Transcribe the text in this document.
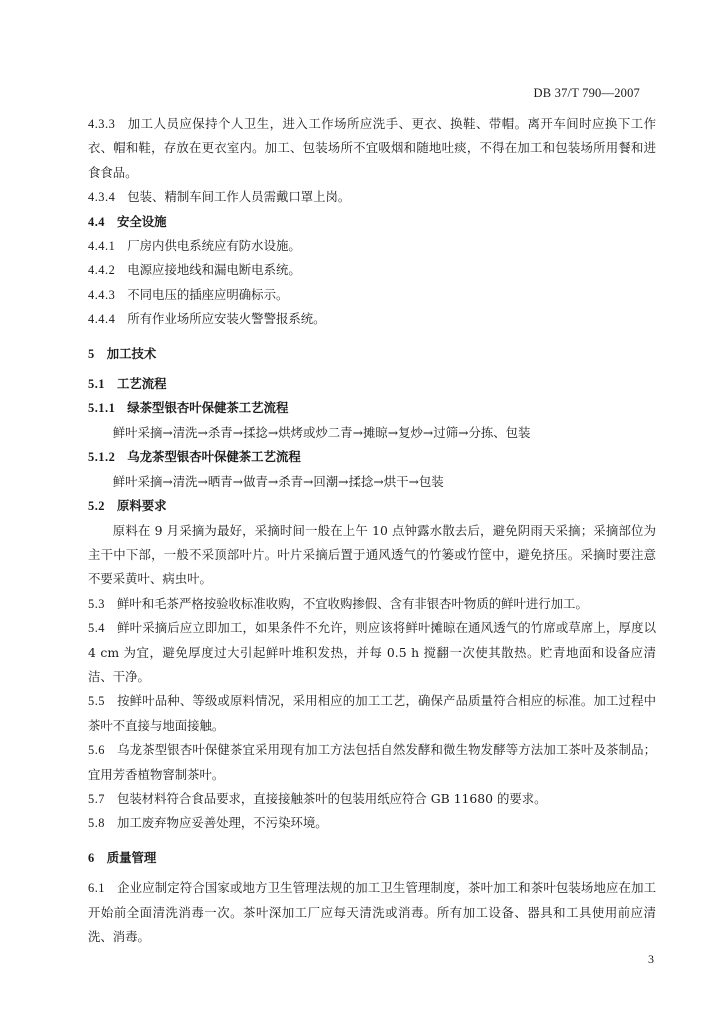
DB 37/T 790—2007

4.3.3 加工人员应保持个人卫生，进入工作场所应洗手、更衣、换鞋、带帽。离开车间时应换下工作衣、帽和鞋，存放在更衣室内。加工、包装场所不宜吸烟和随地吐痰，不得在加工和包装场所用餐和进食食品。

4.3.4 包装、精制车间工作人员需戴口罩上岗。

4.4 安全设施

4.4.1 厂房内供电系统应有防水设施。

4.4.2 电源应接地线和漏电断电系统。

4.4.3 不同电压的插座应明确标示。

4.4.4 所有作业场所应安装火警警报系统。

5 加工技术

5.1 工艺流程

5.1.1 绿茶型银杏叶保健茶工艺流程

鲜叶采摘→清洗→杀青→揉捻→烘烤或炒二青→摊晾→复炒→过筛→分拣、包装

5.1.2 乌龙茶型银杏叶保健茶工艺流程

鲜叶采摘→清洗→晒青→做青→杀青→回潮→揉捻→烘干→包装

5.2 原料要求

原料在 9 月采摘为最好，采摘时间一般在上午 10 点钟露水散去后，避免阴雨天采摘；采摘部位为主干中下部，一般不采顶部叶片。叶片采摘后置于通风透气的竹篓或竹筐中，避免挤压。采摘时要注意不要采黄叶、病虫叶。

5.3 鲜叶和毛茶严格按验收标准收购，不宜收购掺假、含有非银杏叶物质的鲜叶进行加工。

5.4 鲜叶采摘后应立即加工，如果条件不允许，则应该将鲜叶摊晾在通风透气的竹席或草席上，厚度以 4 cm 为宜，避免厚度过大引起鲜叶堆积发热，并每 0.5 h 搅翻一次使其散热。贮青地面和设备应清洁、干净。

5.5 按鲜叶品种、等级或原料情况，采用相应的加工工艺，确保产品质量符合相应的标准。加工过程中茶叶不直接与地面接触。

5.6 乌龙茶型银杏叶保健茶宜采用现有加工方法包括自然发酵和微生物发酵等方法加工茶叶及茶制品；宜用芳香植物窨制茶叶。

5.7 包装材料符合食品要求，直接接触茶叶的包装用纸应符合 GB 11680 的要求。

5.8 加工废弃物应妥善处理，不污染环境。

6 质量管理

6.1 企业应制定符合国家或地方卫生管理法规的加工卫生管理制度，茶叶加工和茶叶包装场地应在加工开始前全面清洗消毒一次。茶叶深加工厂应每天清洗或消毒。所有加工设备、器具和工具使用前应清洗、消毒。

3
